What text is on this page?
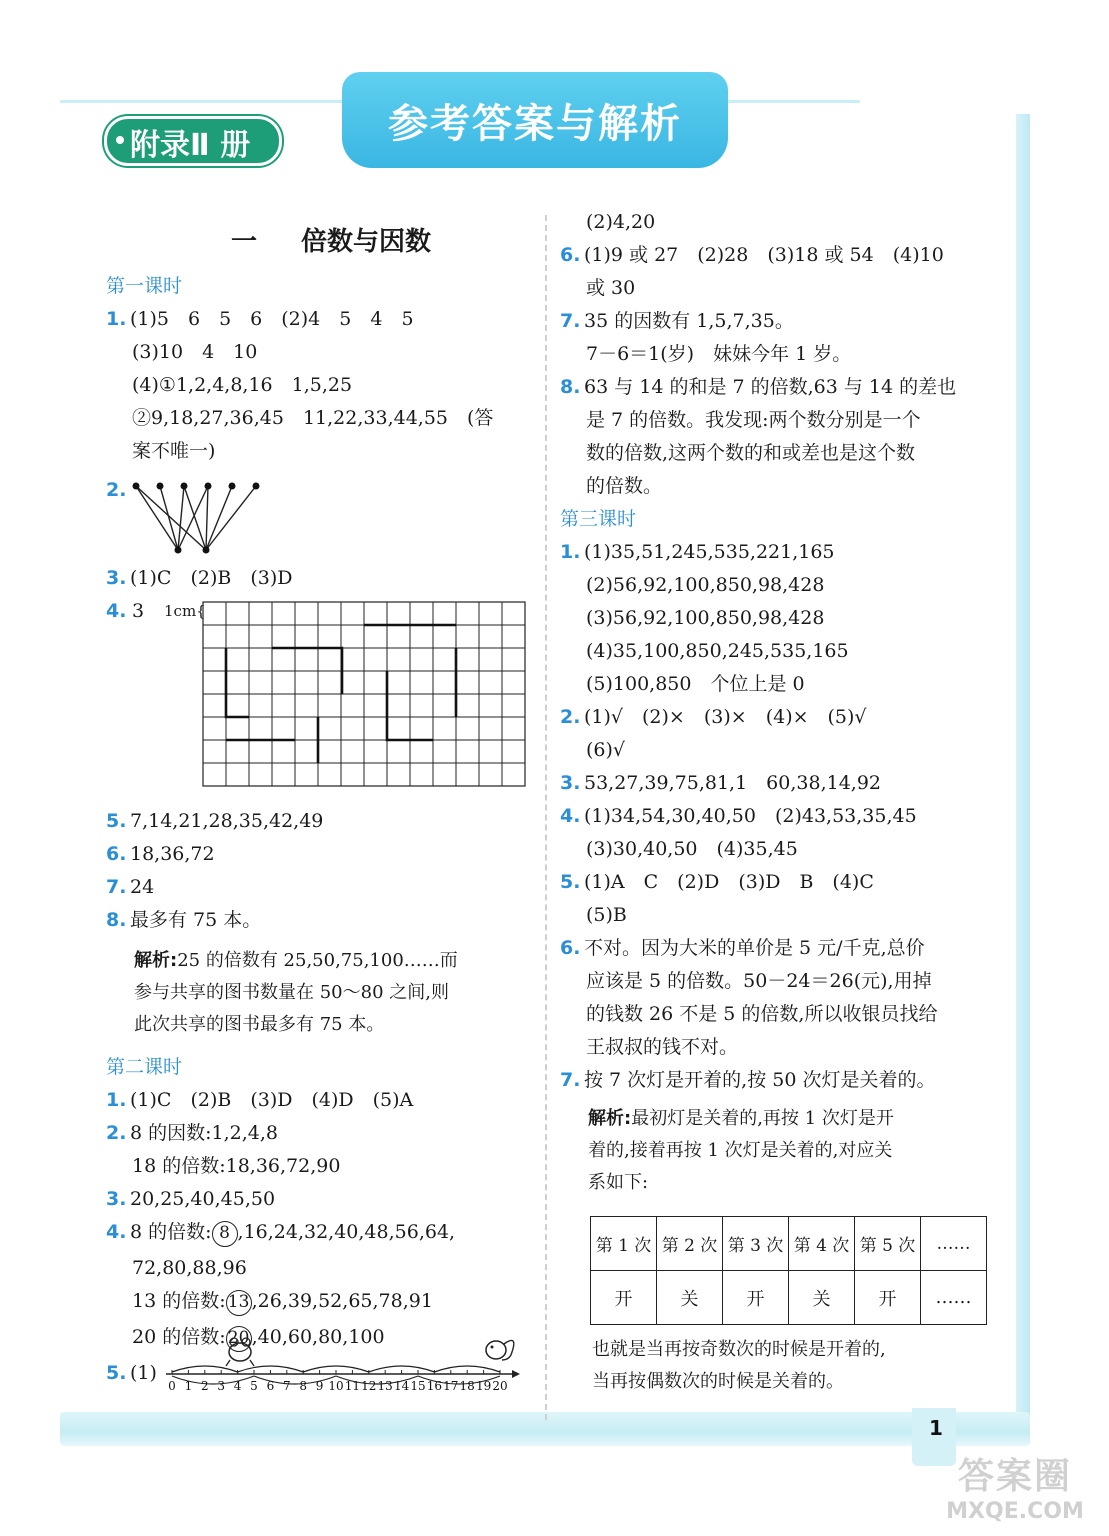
1
答案圈
MXQE.COM
参考答案与解析
附录Ⅱ 册
一 倍数与因数
第一课时
1. (1)5　6　5　6　(2)4　5　4　5
(3)10　4　10
(4)①1,2,4,8,16　1,5,25
②9,18,27,36,45　11,22,33,44,55　(答
案不唯一)
2.
3. (1)C　(2)B　(3)D
4. 3 1cm{
5. 7,14,21,28,35,42,49
6. 18,36,72
7. 24
8. 最多有 75 本。
解析:25 的倍数有 25,50,75,100……而
参与共享的图书数量在 50～80 之间,则
此次共享的图书最多有 75 本。
第二课时
1. (1)C　(2)B　(3)D　(4)D　(5)A
2. 8 的因数:1,2,4,8
18 的倍数:18,36,72,90
3. 20,25,40,45,50
4. 8 的倍数: 8 ,16,24,32,40,48,56,64,
72,80,88,96
13 的倍数: 13 ,26,39,52,65,78,91
20 的倍数: 20 ,40,60,80,100
5. (1)
0 1 2 3 4 5 6 7 8 9 10 11 12 13 14 15 16 17 18 19 20
(2)4,20
6. (1)9 或 27　(2)28　(3)18 或 54　(4)10
或 30
7. 35 的因数有 1,5,7,35。
7－6＝1(岁)　妹妹今年 1 岁。
8. 63 与 14 的和是 7 的倍数,63 与 14 的差也
是 7 的倍数。我发现:两个数分别是一个
数的倍数,这两个数的和或差也是这个数
的倍数。
第三课时
1. (1)35,51,245,535,221,165
(2)56,92,100,850,98,428
(3)56,92,100,850,98,428
(4)35,100,850,245,535,165
(5)100,850　个位上是 0
2. (1)√　(2)×　(3)×　(4)×　(5)√
(6)√
3. 53,27,39,75,81,1　60,38,14,92
4. (1)34,54,30,40,50　(2)43,53,35,45
(3)30,40,50　(4)35,45
5. (1)A　C　(2)D　(3)D　B　(4)C
(5)B
6. 不对。因为大米的单价是 5 元/千克,总价
应该是 5 的倍数。50－24＝26(元),用掉
的钱数 26 不是 5 的倍数,所以收银员找给
王叔叔的钱不对。
7. 按 7 次灯是开着的,按 50 次灯是关着的。
解析:最初灯是关着的,再按 1 次灯是开
着的,接着再按 1 次灯是关着的,对应关
系如下:
第 1 次	第 2 次	第 3 次	第 4 次	第 5 次	……
开	关	开	关	开	……
也就是当再按奇数次的时候是开着的,
当再按偶数次的时候是关着的。
